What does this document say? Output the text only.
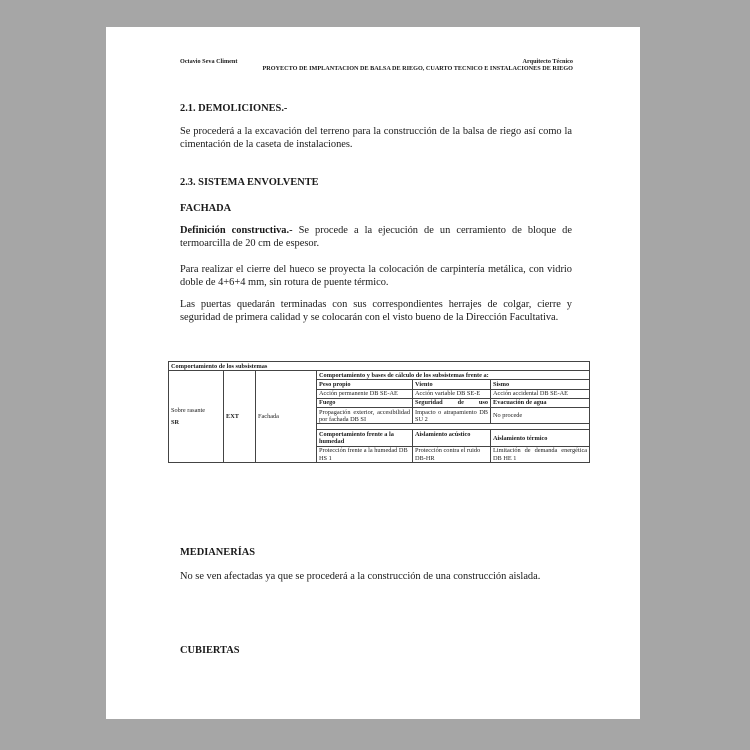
Octavio Seva Climent	Arquitecto Técnico
PROYECTO DE IMPLANTACION DE BALSA DE RIEGO, CUARTO TECNICO E INSTALACIONES DE RIEGO
2.1. DEMOLICIONES.-
Se procederá a la excavación del terreno para la construcción de la balsa de riego así como la cimentación de la caseta de instalaciones.
2.3. SISTEMA ENVOLVENTE
FACHADA
Definición constructiva.- Se procede a la ejecución de un cerramiento de bloque de termoarcilla de 20 cm de espesor.
Para realizar el cierre del hueco se proyecta la colocación de carpintería metálica, con vidrio doble de 4+6+4 mm, sin rotura de puente térmico.
Las puertas quedarán terminadas con sus correspondientes herrajes de colgar, cierre y seguridad de primera calidad y se colocarán con el visto bueno de la Dirección Facultativa.
Comportamiento de los subsistemas					

Sobre rasante
SR	EXT	Fachada	Comportamiento y bases de cálculo de los subsistemas frente a:		
			Peso propio	Viento	Sismo
			Acción permanente DB SE-AE	Acción variable DB SE-E	Acción accidental DB SE-AE
			Fuego	Seguridad de uso	Evacuación de agua
			Propagación exterior, accesibilidad por fachada DB SI	Impacto o atrapamiento DB SU 2	No procede

			Comportamiento frente a la humedad	Aislamiento acústico	Aislamiento térmico
			Protección frente a la humedad DB HS 1	Protección contra el ruido DB-HR	Limitación de demanda energética DB HE 1
MEDIANERÍAS
No se ven afectadas ya que se procederá a la construcción de una construcción aislada.
CUBIERTAS
